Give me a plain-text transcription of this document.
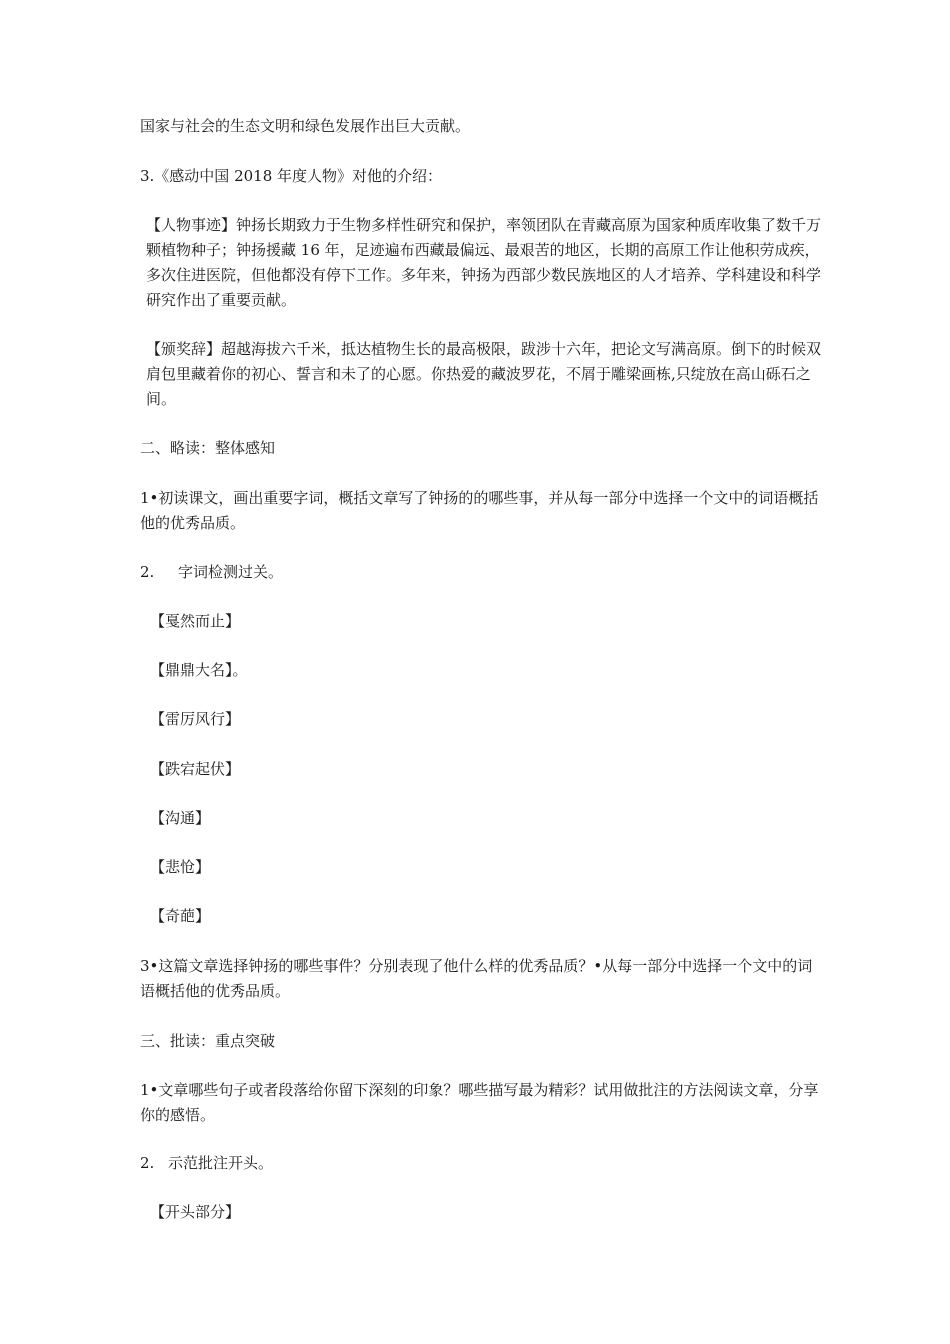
国家与社会的生态文明和绿色发展作出巨大贡献。
3.《感动中国 2018 年度人物》对他的介绍：
【人物事迹】钟扬长期致力于生物多样性研究和保护，率领团队在青藏高原为国家种质库收集了数千万颗植物种子；钟扬援藏 16 年，足迹遍布西藏最偏远、最艰苦的地区，长期的高原工作让他积劳成疾，多次住进医院，但他都没有停下工作。多年来，钟扬为西部少数民族地区的人才培养、学科建设和科学研究作出了重要贡献。
【颁奖辞】超越海拔六千米，抵达植物生长的最高极限，跋涉十六年，把论文写满高原。倒下的时候双肩包里藏着你的初心、誓言和未了的心愿。你热爱的藏波罗花，不屑于雕梁画栋,只绽放在高山砾石之间。
二、略读：整体感知
1•初读课文，画出重要字词，概括文章写了钟扬的的哪些事，并从每一部分中选择一个文中的词语概括他的优秀品质。
2. 字词检测过关。
【戛然而止】
【鼎鼎大名】。
【雷厉风行】
【跌宕起伏】
【沟通】
【悲怆】
【奇葩】
3•这篇文章选择钟扬的哪些事件？分别表现了他什么样的优秀品质？•从每一部分中选择一个文中的词语概括他的优秀品质。
三、批读：重点突破
1•文章哪些句子或者段落给你留下深刻的印象？哪些描写最为精彩？试用做批注的方法阅读文章，分享你的感悟。
2. 示范批注开头。
【开头部分】
